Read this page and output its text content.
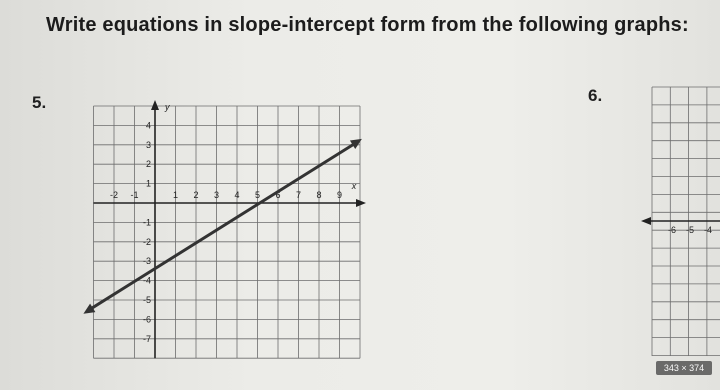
Write equations in slope-intercept form from the following graphs:
5.	6.
-2 -1	1 2 3 4 5 6 7 8 9
4
3
2
1
-1
-2
-3
-4
-5
-6
-7
y
x
-6 -5 -4
343 × 374
